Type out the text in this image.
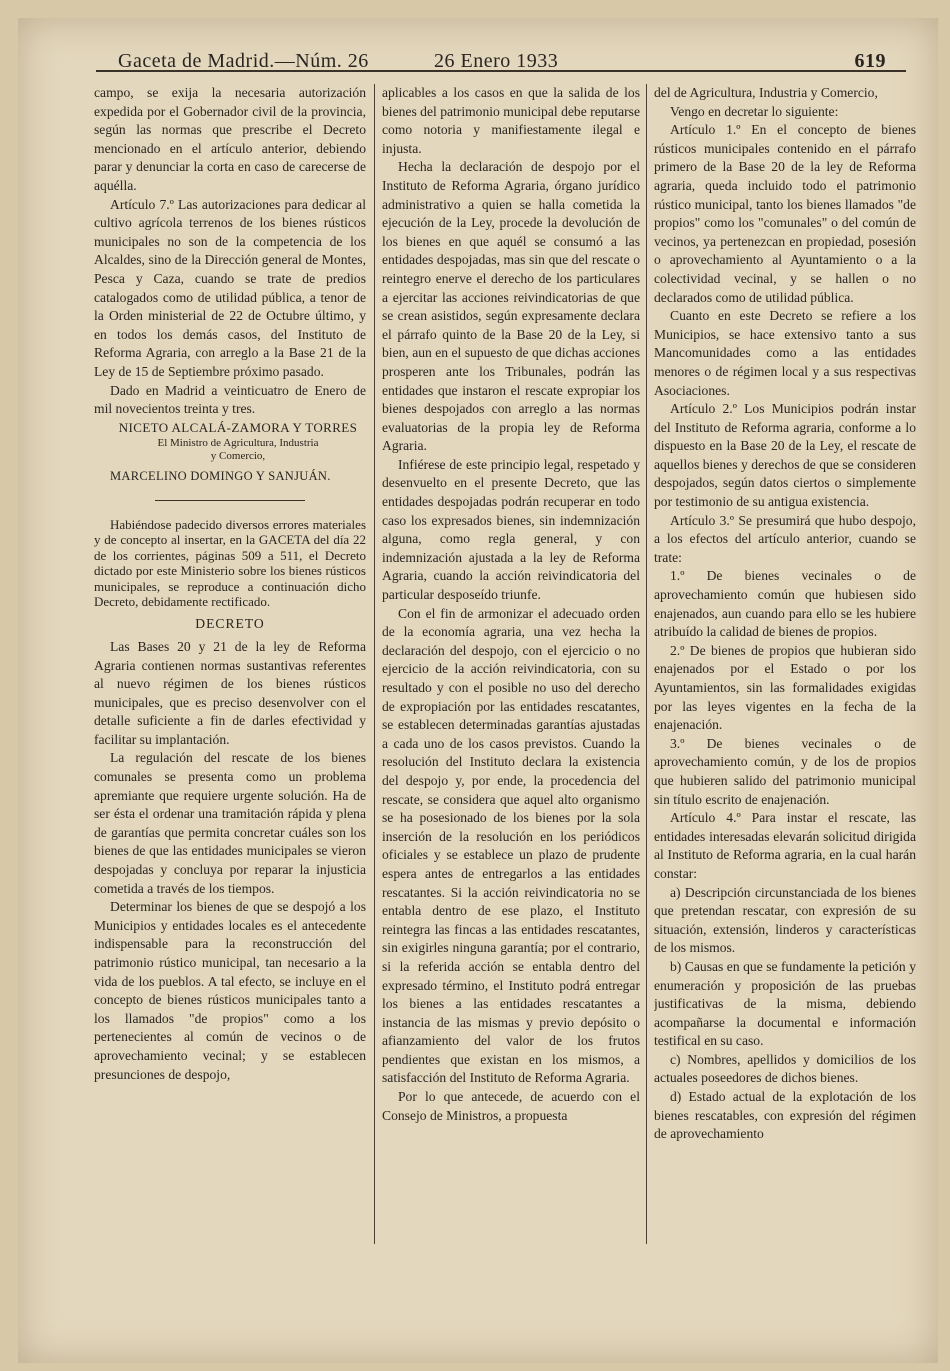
Gaceta de Madrid.—Núm. 26	26 Enero 1933	619

campo, se exija la necesaria autorización expedida por el Gobernador civil de la provincia, según las normas que prescribe el Decreto mencionado en el artículo anterior, debiendo parar y denunciar la corta en caso de carecerse de aquélla.

Artículo 7.º Las autorizaciones para dedicar al cultivo agrícola terrenos de los bienes rústicos municipales no son de la competencia de los Alcaldes, sino de la Dirección general de Montes, Pesca y Caza, cuando se trate de predios catalogados como de utilidad pública, a tenor de la Orden ministerial de 22 de Octubre último, y en todos los demás casos, del Instituto de Reforma Agraria, con arreglo a la Base 21 de la Ley de 15 de Septiembre próximo pasado.

Dado en Madrid a veinticuatro de Enero de mil novecientos treinta y tres.

NICETO ALCALÁ-ZAMORA Y TORRES

El Ministro de Agricultura, Industria

y Comercio,

MARCELINO DOMINGO Y SANJUÁN.

Habiéndose padecido diversos errores materiales y de concepto al insertar, en la GACETA del día 22 de los corrientes, páginas 509 a 511, el Decreto dictado por este Ministerio sobre los bienes rústicos municipales, se reproduce a continuación dicho Decreto, debidamente rectificado.

DECRETO

Las Bases 20 y 21 de la ley de Reforma Agraria contienen normas sustantivas referentes al nuevo régimen de los bienes rústicos municipales, que es preciso desenvolver con el detalle suficiente a fin de darles efectividad y facilitar su implantación.

La regulación del rescate de los bienes comunales se presenta como un problema apremiante que requiere urgente solución. Ha de ser ésta el ordenar una tramitación rápida y plena de garantías que permita concretar cuáles son los bienes de que las entidades municipales se vieron despojadas y concluya por reparar la injusticia cometida a través de los tiempos.

Determinar los bienes de que se despojó a los Municipios y entidades locales es el antecedente indispensable para la reconstrucción del patrimonio rústico municipal, tan necesario a la vida de los pueblos. A tal efecto, se incluye en el concepto de bienes rústicos municipales tanto a los llamados "de propios" como a los pertenecientes al común de vecinos o de aprovechamiento vecinal; y se establecen presunciones de despojo,

aplicables a los casos en que la salida de los bienes del patrimonio municipal debe reputarse como notoria y manifiestamente ilegal e injusta.

Hecha la declaración de despojo por el Instituto de Reforma Agraria, órgano jurídico administrativo a quien se halla cometida la ejecución de la Ley, procede la devolución de los bienes en que aquél se consumó a las entidades despojadas, mas sin que del rescate o reintegro enerve el derecho de los particulares a ejercitar las acciones reivindicatorias de que se crean asistidos, según expresamente declara el párrafo quinto de la Base 20 de la Ley, si bien, aun en el supuesto de que dichas acciones prosperen ante los Tribunales, podrán las entidades que instaron el rescate expropiar los bienes despojados con arreglo a las normas evaluatorias de la propia ley de Reforma Agraria.

Infiérese de este principio legal, respetado y desenvuelto en el presente Decreto, que las entidades despojadas podrán recuperar en todo caso los expresados bienes, sin indemnización alguna, como regla general, y con indemnización ajustada a la ley de Reforma Agraria, cuando la acción reivindicatoria del particular desposeído triunfe.

Con el fin de armonizar el adecuado orden de la economía agraria, una vez hecha la declaración del despojo, con el ejercicio o no ejercicio de la acción reivindicatoria, con su resultado y con el posible no uso del derecho de expropiación por las entidades rescatantes, se establecen determinadas garantías ajustadas a cada uno de los casos previstos. Cuando la resolución del Instituto declara la existencia del despojo y, por ende, la procedencia del rescate, se considera que aquel alto organismo se ha posesionado de los bienes por la sola inserción de la resolución en los periódicos oficiales y se establece un plazo de prudente espera antes de entregarlos a las entidades rescatantes. Si la acción reivindicatoria no se entabla dentro de ese plazo, el Instituto reintegra las fincas a las entidades rescatantes, sin exigirles ninguna garantía; por el contrario, si la referida acción se entabla dentro del expresado término, el Instituto podrá entregar los bienes a las entidades rescatantes a instancia de las mismas y previo depósito o afianzamiento del valor de los frutos pendientes que existan en los mismos, a satisfacción del Instituto de Reforma Agraria.

Por lo que antecede, de acuerdo con el Consejo de Ministros, a propuesta

del de Agricultura, Industria y Comercio,

Vengo en decretar lo siguiente:

Artículo 1.º En el concepto de bienes rústicos municipales contenido en el párrafo primero de la Base 20 de la ley de Reforma agraria, queda incluido todo el patrimonio rústico municipal, tanto los bienes llamados "de propios" como los "comunales" o del común de vecinos, ya pertenezcan en propiedad, posesión o aprovechamiento al Ayuntamiento o a la colectividad vecinal, y se hallen o no declarados como de utilidad pública.

Cuanto en este Decreto se refiere a los Municipios, se hace extensivo tanto a sus Mancomunidades como a las entidades menores o de régimen local y a sus respectivas Asociaciones.

Artículo 2.º Los Municipios podrán instar del Instituto de Reforma agraria, conforme a lo dispuesto en la Base 20 de la Ley, el rescate de aquellos bienes y derechos de que se consideren despojados, según datos ciertos o simplemente por testimonio de su antigua existencia.

Artículo 3.º Se presumirá que hubo despojo, a los efectos del artículo anterior, cuando se trate:

1.º De bienes vecinales o de aprovechamiento común que hubiesen sido enajenados, aun cuando para ello se les hubiere atribuído la calidad de bienes de propios.

2.º De bienes de propios que hubieran sido enajenados por el Estado o por los Ayuntamientos, sin las formalidades exigidas por las leyes vigentes en la fecha de la enajenación.

3.º De bienes vecinales o de aprovechamiento común, y de los de propios que hubieren salido del patrimonio municipal sin título escrito de enajenación.

Artículo 4.º Para instar el rescate, las entidades interesadas elevarán solicitud dirigida al Instituto de Reforma agraria, en la cual harán constar:

a) Descripción circunstanciada de los bienes que pretendan rescatar, con expresión de su situación, extensión, linderos y características de los mismos.

b) Causas en que se fundamente la petición y enumeración y proposición de las pruebas justificativas de la misma, debiendo acompañarse la documental e información testifical en su caso.

c) Nombres, apellidos y domicilios de los actuales poseedores de dichos bienes.

d) Estado actual de la explotación de los bienes rescatables, con expresión del régimen de aprovechamiento
